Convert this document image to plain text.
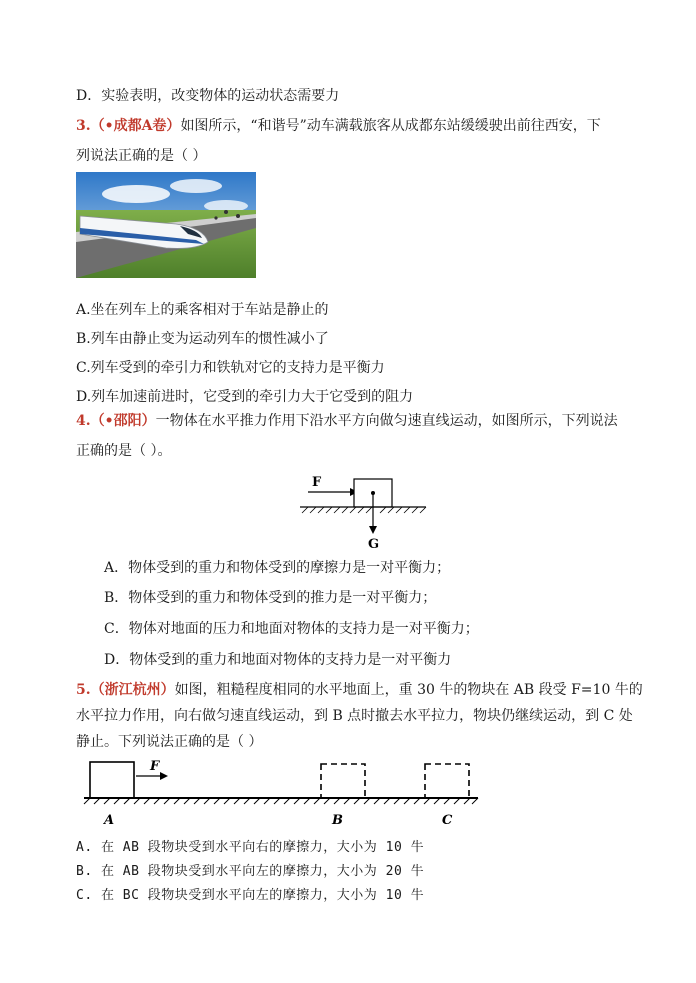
D．实验表明，改变物体的运动状态需要力
3.（•成都A卷）如图所示，“和谐号”动车满载旅客从成都东站缓缓驶出前往西安，下
列说法正确的是（ ）
A.坐在列车上的乘客相对于车站是静止的
B.列车由静止变为运动列车的惯性减小了
C.列车受到的牵引力和铁轨对它的支持力是平衡力
D.列车加速前进时，它受到的牵引力大于它受到的阻力
4.（•邵阳）一物体在水平推力作用下沿水平方向做匀速直线运动，如图所示，下列说法
正确的是（ ）。
F
G
A．物体受到的重力和物体受到的摩擦力是一对平衡力；
B．物体受到的重力和物体受到的推力是一对平衡力；
C．物体对地面的压力和地面对物体的支持力是一对平衡力；
D．物体受到的重力和地面对物体的支持力是一对平衡力
5.（浙江杭州）如图，粗糙程度相同的水平地面上，重 30 牛的物块在 AB 段受 F=10 牛的
水平拉力作用，向右做匀速直线运动，到 B 点时撤去水平拉力，物块仍继续运动，到 C 处
静止。下列说法正确的是（ ）
F
A	B	C
A. 在 AB 段物块受到水平向右的摩擦力，大小为 10 牛
B. 在 AB 段物块受到水平向左的摩擦力，大小为 20 牛
C. 在 BC 段物块受到水平向左的摩擦力，大小为 10 牛
